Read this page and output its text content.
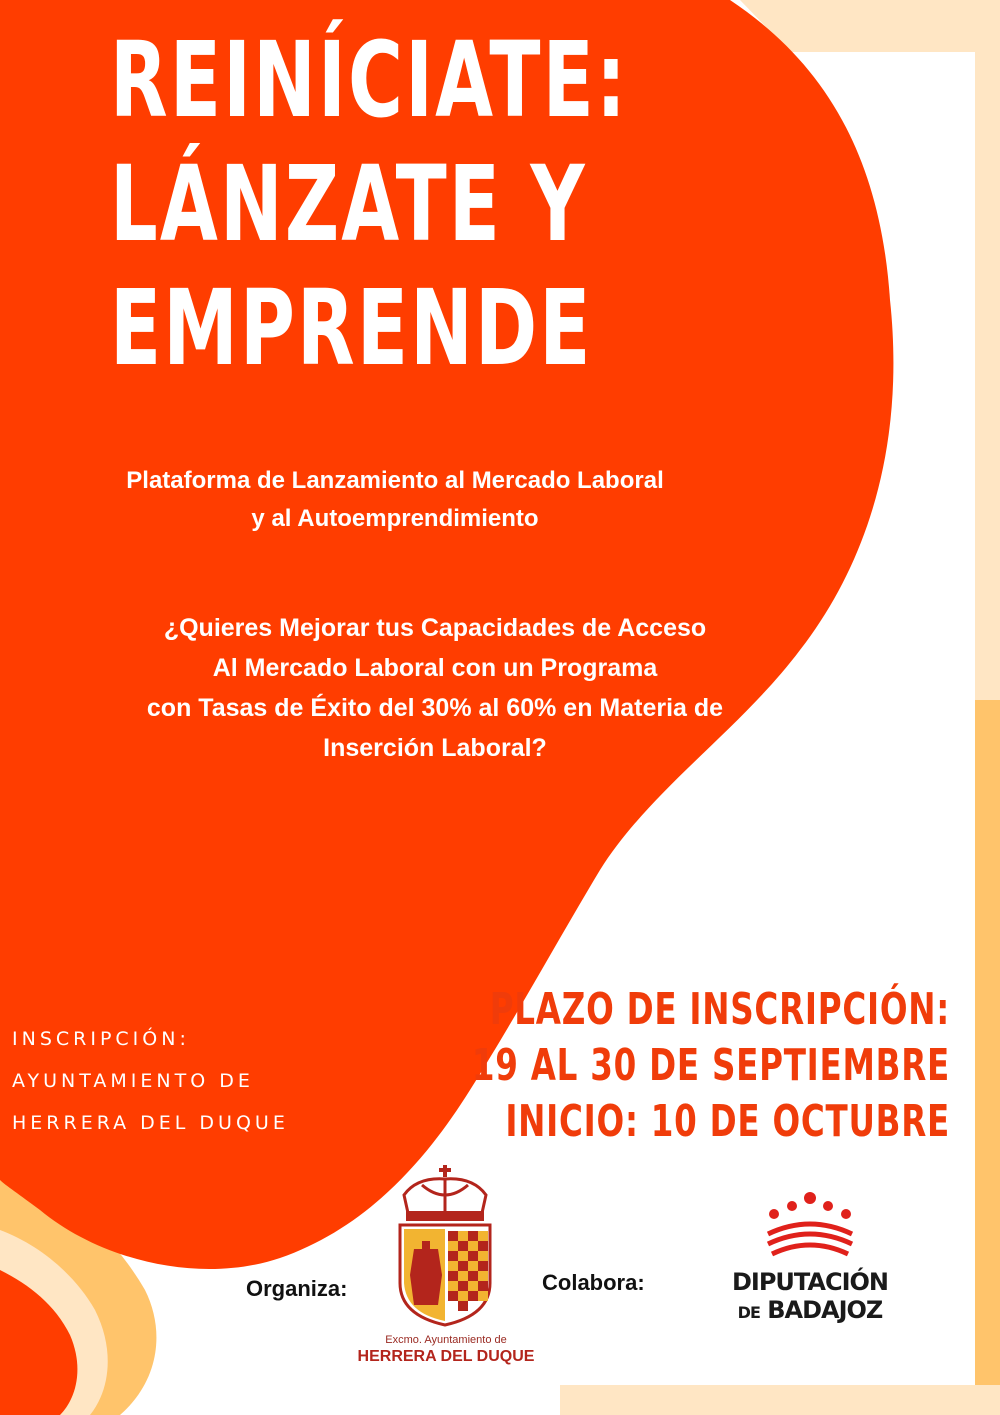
REINÍCIATE:
LÁNZATE Y
EMPRENDE
Plataforma de Lanzamiento al Mercado Laboral
y al Autoemprendimiento
¿Quieres Mejorar tus Capacidades de Acceso
Al Mercado Laboral con un Programa
con Tasas de Éxito del 30% al 60% en Materia de
Inserción Laboral?
INSCRIPCIÓN:
AYUNTAMIENTO DE
HERRERA DEL DUQUE
PLAZO DE INSCRIPCIÓN:
19 AL 30 DE SEPTIEMBRE
INICIO: 10 DE OCTUBRE
Organiza:
Excmo. Ayuntamiento de
HERRERA DEL DUQUE
Colabora:	DIPUTACIÓN
DE BADAJOZ
